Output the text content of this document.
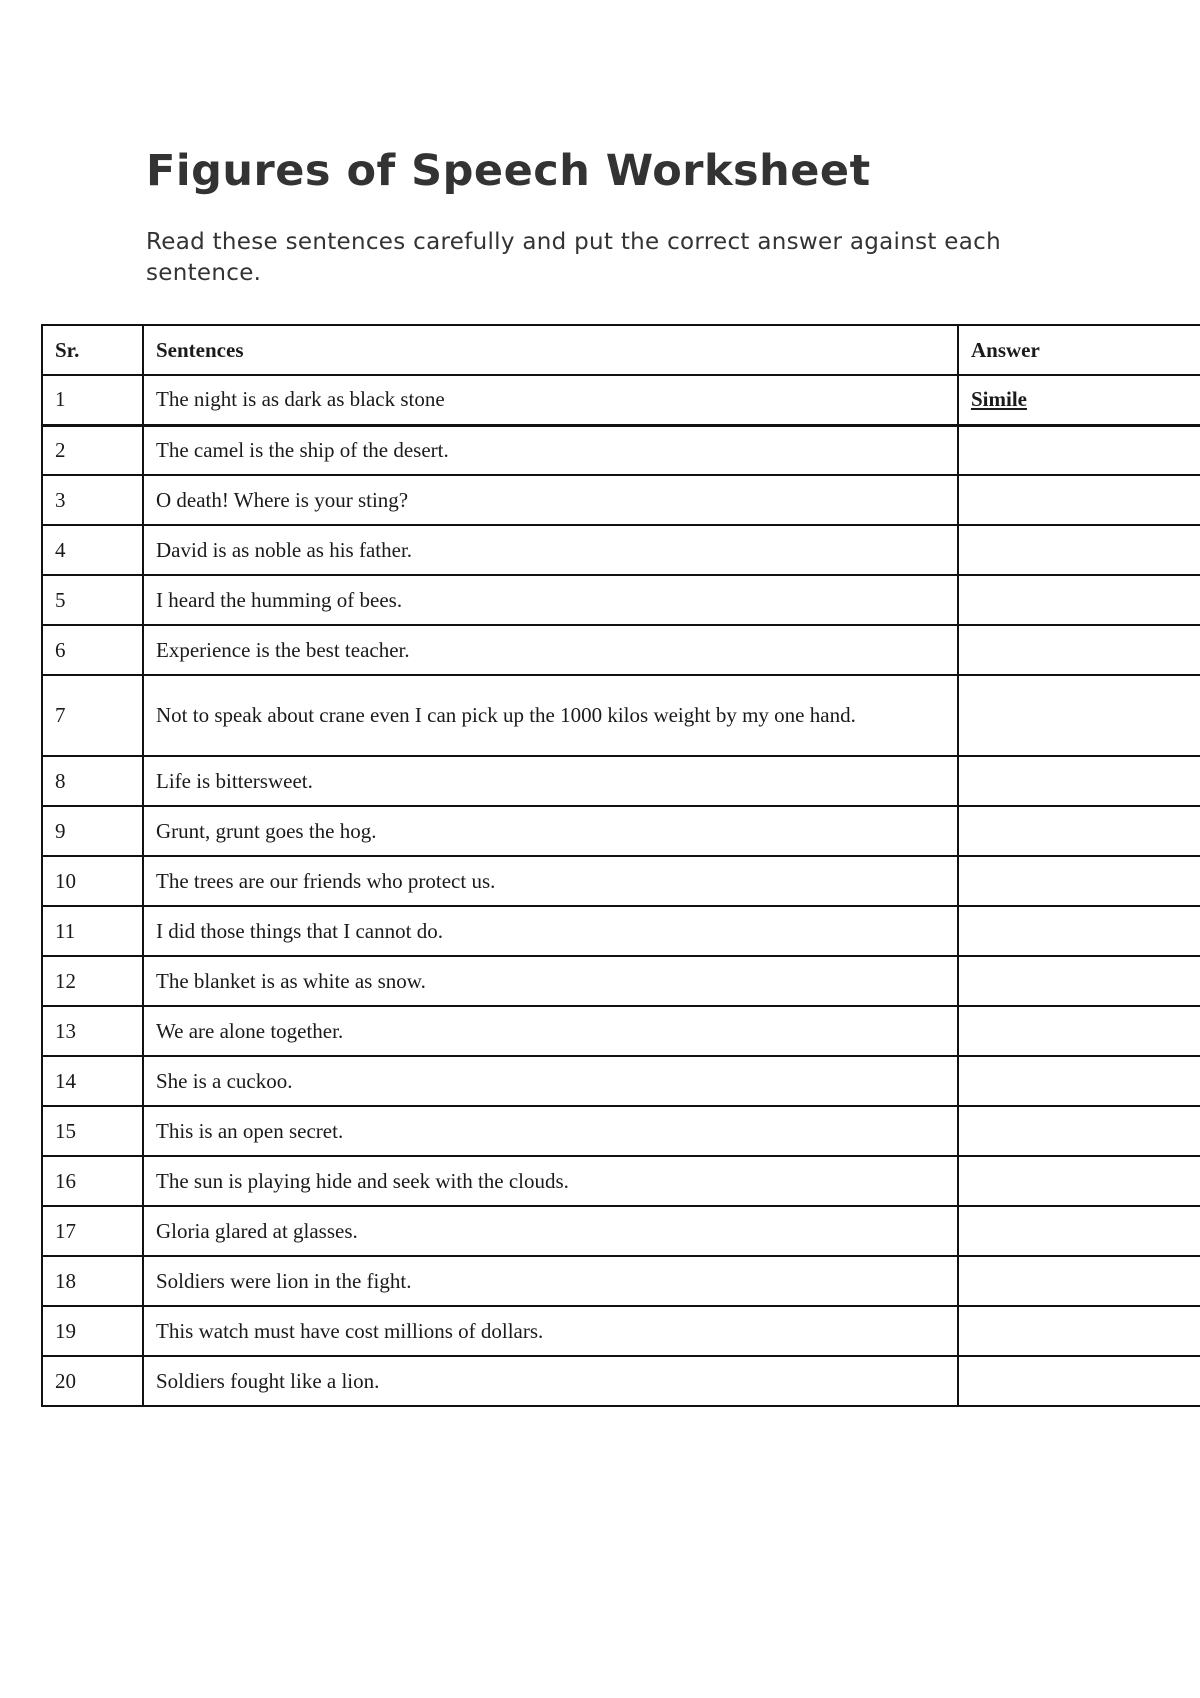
Figures of Speech Worksheet

Read these sentences carefully and put the correct answer against each sentence.

Sr.	Sentences	Answer
1	The night is as dark as black stone	Simile
2	The camel is the ship of the desert.	
3	O death! Where is your sting?	
4	David is as noble as his father.	
5	I heard the humming of bees.	
6	Experience is the best teacher.	
7	Not to speak about crane even I can pick up the 1000 kilos weight by my one hand.	
8	Life is bittersweet.	
9	Grunt, grunt goes the hog.	
10	The trees are our friends who protect us.	
11	I did those things that I cannot do.	
12	The blanket is as white as snow.	
13	We are alone together.	
14	She is a cuckoo.	
15	This is an open secret.	
16	The sun is playing hide and seek with the clouds.	
17	Gloria glared at glasses.	
18	Soldiers were lion in the fight.	
19	This watch must have cost millions of dollars.	
20	Soldiers fought like a lion.	
